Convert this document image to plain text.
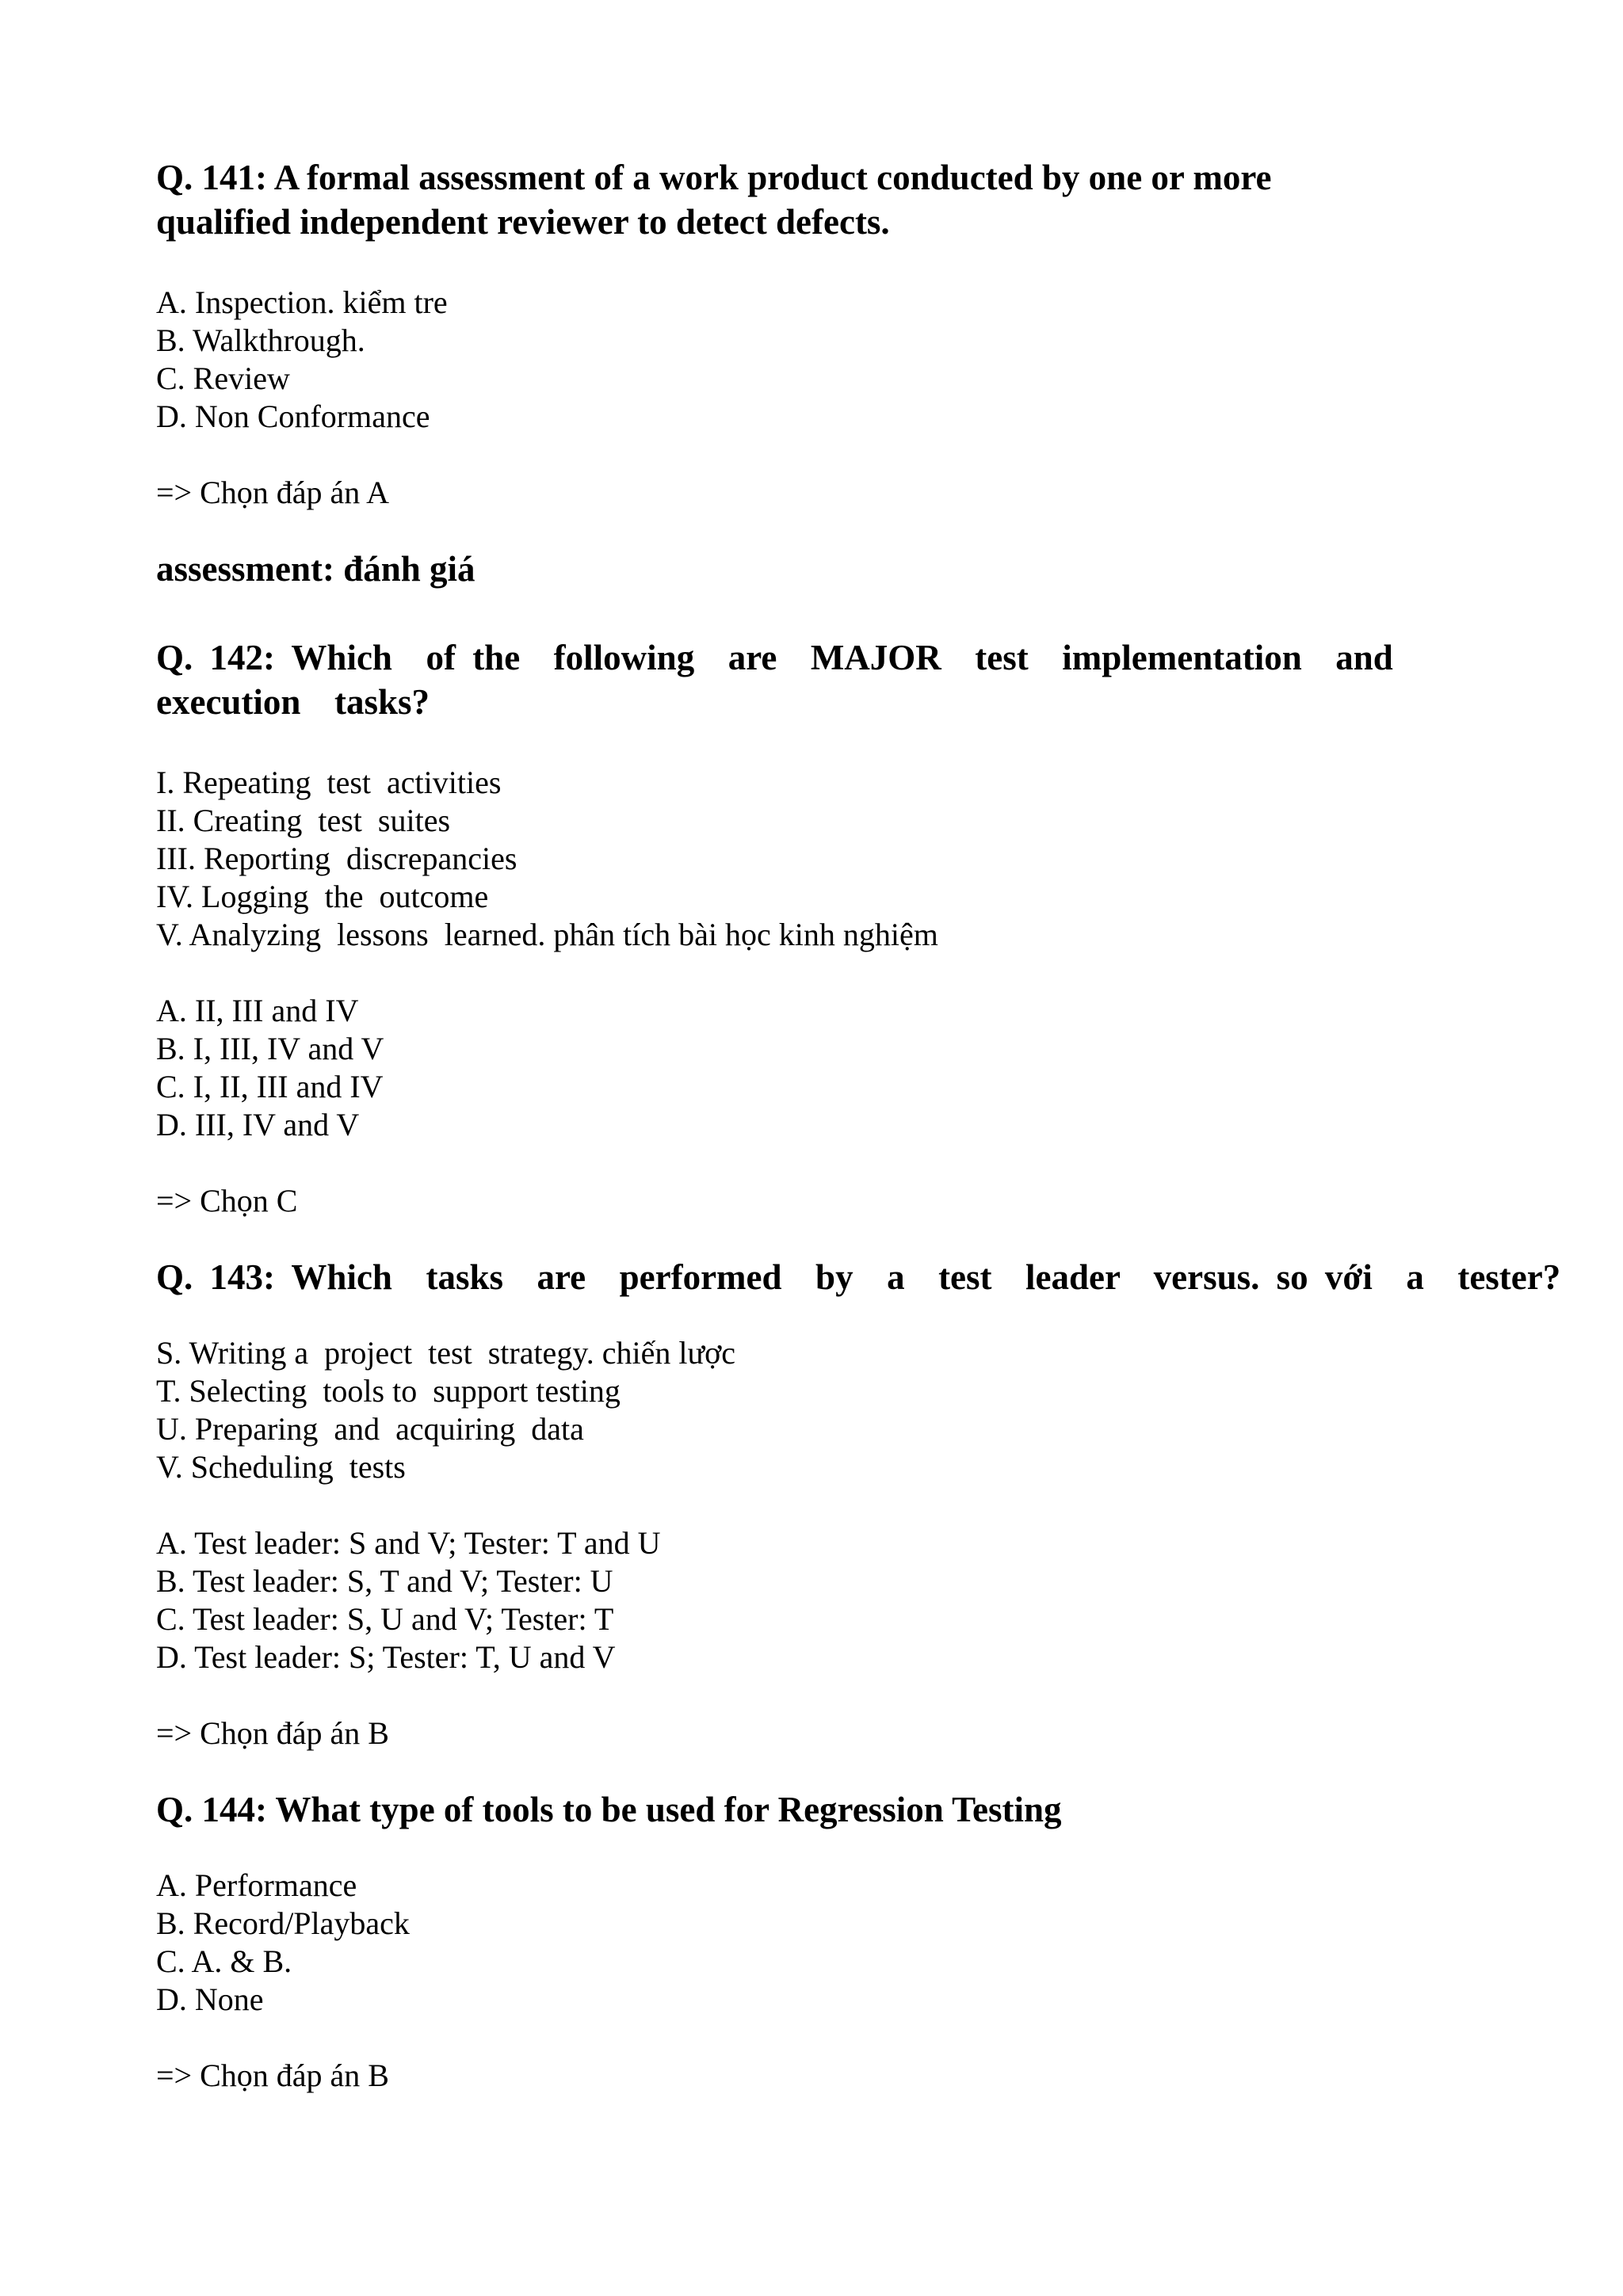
Q. 141: A formal assessment of a work product conducted by one or more
qualified independent reviewer to detect defects.

A. Inspection. kiểm tre
B. Walkthrough.
C. Review
D. Non Conformance

=> Chọn đáp án A

assessment: đánh giá

Q. 142: Which  of the  following  are  MAJOR  test  implementation  and
execution  tasks?

I. Repeating  test  activities
II. Creating  test  suites
III. Reporting  discrepancies
IV. Logging  the  outcome
V. Analyzing  lessons  learned. phân tích bài học kinh nghiệm
A. II, III and IV
B. I, III, IV and V
C. I, II, III and IV
D. III, IV and V

=> Chọn C

Q. 143: Which  tasks  are  performed  by  a  test  leader  versus. so với  a  tester?

S. Writing a  project  test  strategy. chiến lược
T. Selecting  tools to  support testing
U. Preparing  and  acquiring  data
V. Scheduling  tests
A. Test leader: S and V; Tester: T and U
B. Test leader: S, T and V; Tester: U
C. Test leader: S, U and V; Tester: T
D. Test leader: S; Tester: T, U and V

=> Chọn đáp án B

Q. 144: What type of tools to be used for Regression Testing

A. Performance
B. Record/Playback
C. A. & B.
D. None

=> Chọn đáp án B
